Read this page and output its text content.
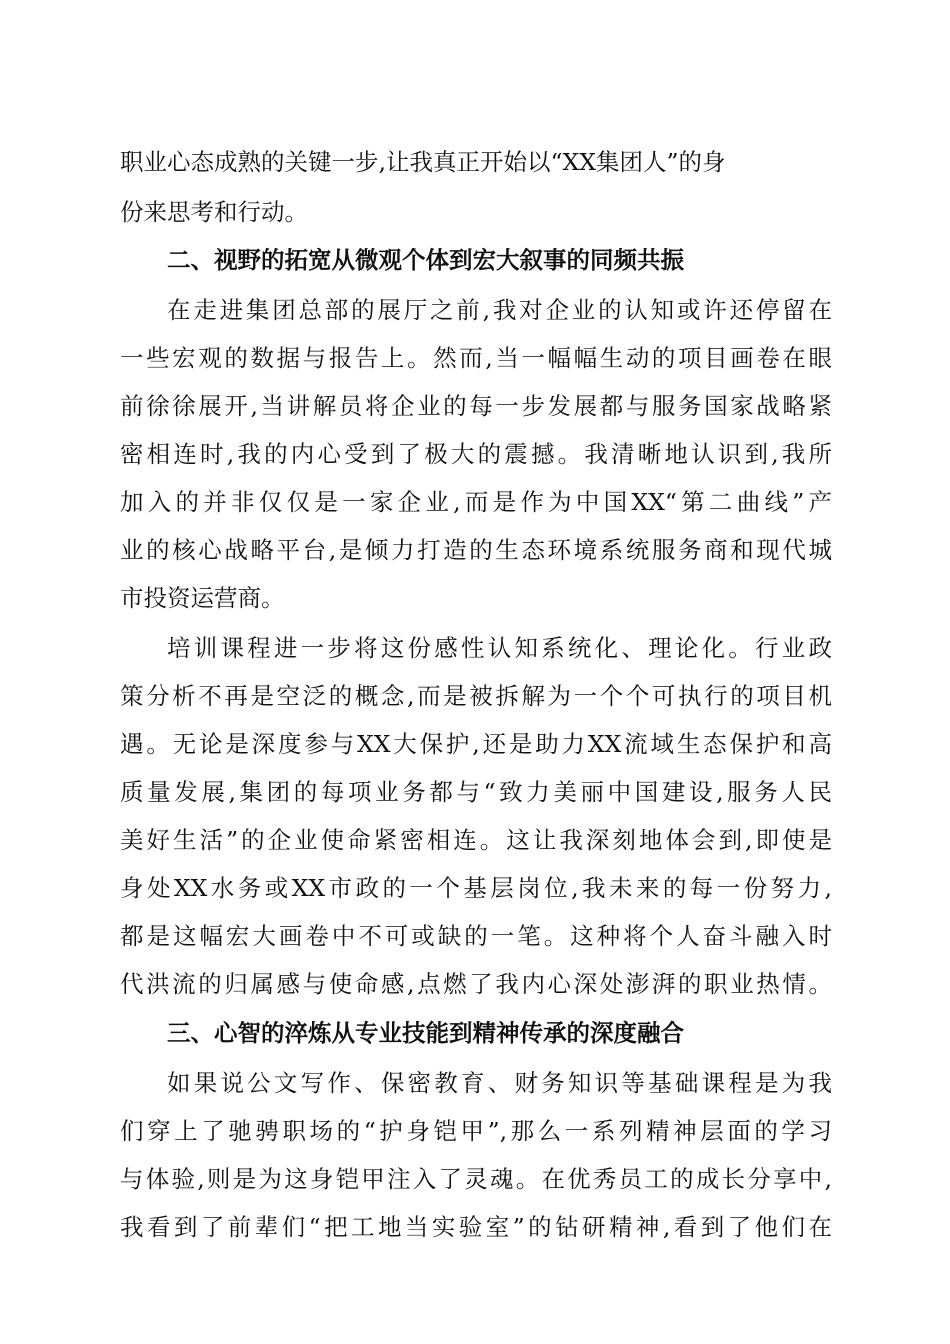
职业心态成熟的关键一步,让我真正开始以“XX集团人”的身
份来思考和行动。
二、视野的拓宽从微观个体到宏大叙事的同频共振
在走进集团总部的展厅之前,我对企业的认知或许还停留在
一些宏观的数据与报告上。然而,当一幅幅生动的项目画卷在眼
前徐徐展开,当讲解员将企业的每一步发展都与服务国家战略紧
密相连时,我的内心受到了极大的震撼。我清晰地认识到,我所
加入的并非仅仅是一家企业,而是作为中国XX“第二曲线”产
业的核心战略平台,是倾力打造的生态环境系统服务商和现代城
市投资运营商。
培训课程进一步将这份感性认知系统化、理论化。行业政
策分析不再是空泛的概念,而是被拆解为一个个可执行的项目机
遇。无论是深度参与XX大保护,还是助力XX流域生态保护和高
质量发展,集团的每项业务都与“致力美丽中国建设,服务人民
美好生活”的企业使命紧密相连。这让我深刻地体会到,即使是
身处XX水务或XX市政的一个基层岗位,我未来的每一份努力,
都是这幅宏大画卷中不可或缺的一笔。这种将个人奋斗融入时
代洪流的归属感与使命感,点燃了我内心深处澎湃的职业热情。
三、心智的淬炼从专业技能到精神传承的深度融合
如果说公文写作、保密教育、财务知识等基础课程是为我
们穿上了驰骋职场的“护身铠甲”,那么一系列精神层面的学习
与体验,则是为这身铠甲注入了灵魂。在优秀员工的成长分享中,
我看到了前辈们“把工地当实验室”的钻研精神,看到了他们在
